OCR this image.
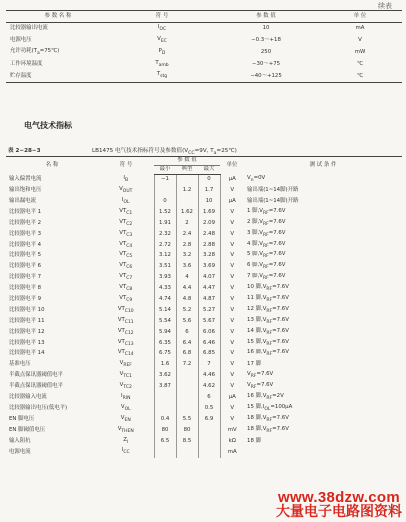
续表
参 数 名 称	符 号	参 数 值	单 位
比较器输出电流	$I_{OC}$	10	mA
电源电压	$V_{EC}$	−0.3〜+18	V
允许功耗$(T_a=75℃)$	$P_D$	250	mW
工作环境温度	$T_{amb}$	−30〜+75	℃
贮存温度	$T_{stg}$	−40〜+125	℃
电气技术指标
表 2−28−3	LB1475 电气技术指标符号及参数值($V_{CC}=9V$, $T_a=25℃$)
名 称	符 号	参 数 值			单位	测 试 条 件
		最小	典型	最大		
输入偏置电流	$I_B$	−1		0	μA	$V_n=0V$
输出饱和电压	$V_{OUT}$		1.2	1.7	V	输出端(1~14脚)开路
输出漏电流	$I_{OL}$	0		10	μA	输出端(1~14脚)开路
比较器电平 1	$VT_{C1}$	1.52	1.62	1.69	V	1 脚$,V_{RF}=7.6V$
比较器电平 2	$VT_{C2}$	1.91	2	2.09	V	2 脚$,V_{RF}=7.6V$
比较器电平 3	$VT_{C3}$	2.32	2.4	2.48	V	3 脚$,V_{RF}=7.6V$
比较器电平 4	$VT_{C4}$	2.72	2.8	2.88	V	4 脚$,V_{RF}=7.6V$
比较器电平 5	$VT_{C5}$	3.12	3.2	3.28	V	5 脚$,V_{RF}=7.6V$
比较器电平 6	$VT_{C6}$	3.51	3.6	3.69	V	6 脚$,V_{RF}=7.6V$
比较器电平 7	$VT_{C7}$	3.93	4	4.07	V	7 脚$,V_{RF}=7.6V$
比较器电平 8	$VT_{C8}$	4.33	4.4	4.47	V	10 脚$,V_{RF}=7.6V$
比较器电平 9	$VT_{C9}$	4.74	4.8	4.87	V	11 脚$,V_{RF}=7.6V$
比较器电平 10	$VT_{C10}$	5.14	5.2	5.27	V	12 脚$,V_{RF}=7.6V$
比较器电平 11	$VT_{C11}$	5.54	5.6	5.67	V	13 脚$,V_{RF}=7.6V$
比较器电平 12	$VT_{C12}$	5.94	6	6.06	V	14 脚$,V_{RF}=7.6V$
比较器电平 13	$VT_{C13}$	6.35	6.4	6.46	V	15 脚$,V_{RF}=7.6V$
比较器电平 14	$VT_{C14}$	6.75	6.8	6.85	V	16 脚$,V_{RF}=7.6V$
基准电压	$V_{REF}$	1.6	7.2	7	V	17 脚
半截点保讯器阈值电平	$V_{TC1}$	3.62		4.46	V	$V_{RF}=7.6V$
半截点保讯器阈值电平	$V_{TC2}$	3.87		4.62	V	$V_{RF}=7.6V$
比较器输入电流	$I_{RIN}$			6	μA	16 脚$,V_{RF}=2V$
比较器输出电压(低电平)	$V_{OL}$			0.5	V	15 脚$,I_{OL}=100\mu A$
EN 脚电压	$V_{EN}$	0.4	5.5	6.9	V	18 脚$,V_{RF}=7.6V$
EN 脚阈值电压	$V_{THEN}$	80	80		mV	18 脚$,V_{RF}=7.6V$
输入阻抗	$Z_I$	6.5	8.5		kΩ	18 脚
电源电流	$I_{CC}$				mA	
www.38dzw.com
大量电子电路图资料
